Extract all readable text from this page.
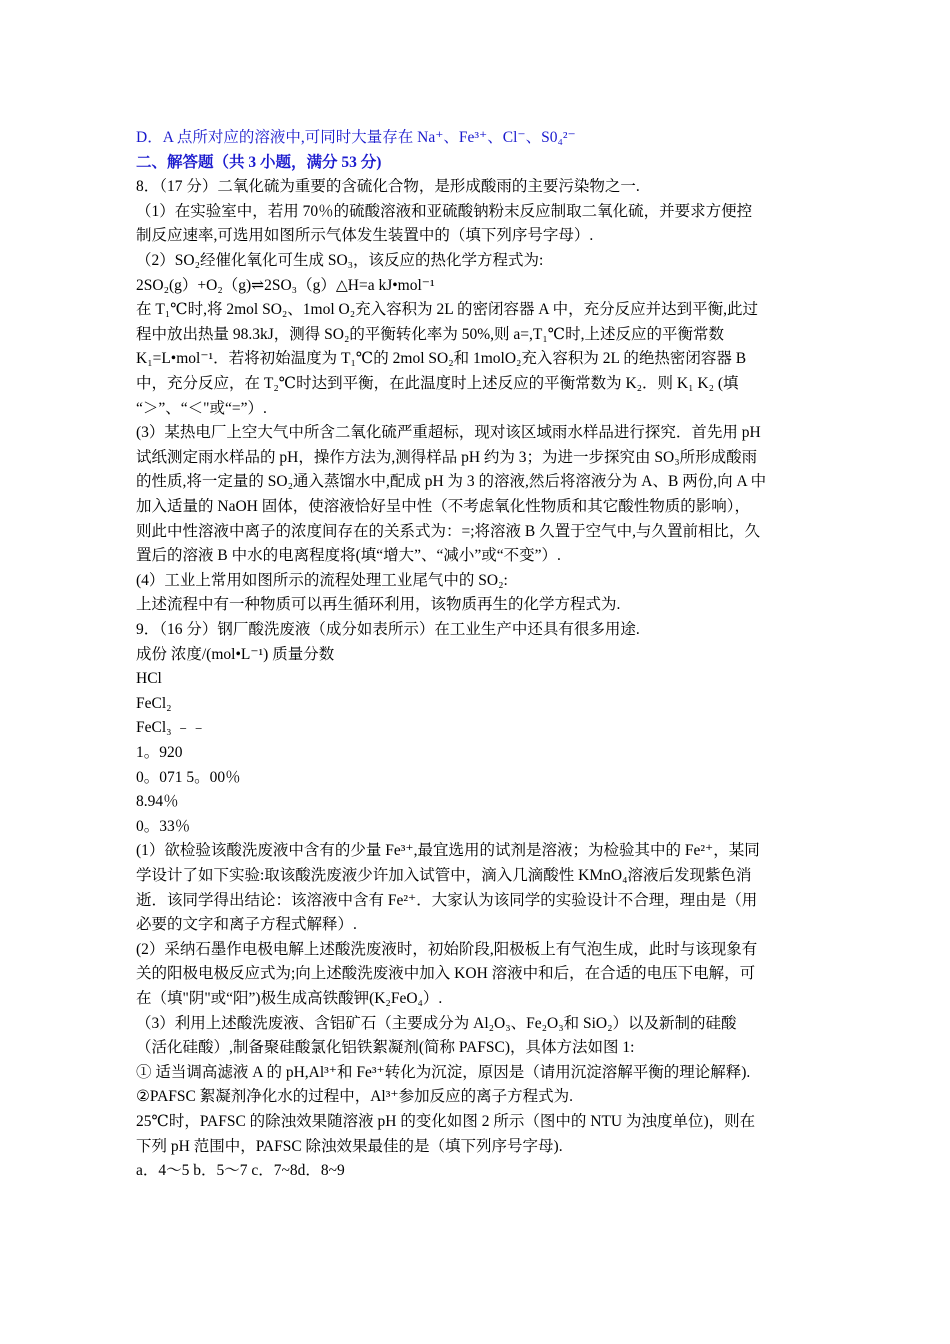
D．A 点所对应的溶液中,可同时大量存在 Na⁺、Fe³⁺、Cl⁻、S0₄²⁻
二、解答题（共 3 小题，满分 53 分)
8．（17 分）二氧化硫为重要的含硫化合物，是形成酸雨的主要污染物之一.
（1）在实验室中，若用 70％的硫酸溶液和亚硫酸钠粉末反应制取二氧化硫，并要求方便控
制反应速率,可选用如图所示气体发生装置中的（填下列序号字母）.
（2）SO₂经催化氧化可生成 SO₃，该反应的热化学方程式为:
2SO₂(g）+O₂（g)⇌2SO₃（g）△H=a kJ•mol⁻¹
在 T₁℃时,将 2mol SO₂、1mol O₂充入容积为 2L 的密闭容器 A 中，充分反应并达到平衡,此过
程中放出热量 98.3kJ，测得 SO₂的平衡转化率为 50%,则 a=,T₁℃时,上述反应的平衡常数
K₁=L•mol⁻¹．若将初始温度为 T₁℃的 2mol SO₂和 1molO₂充入容积为 2L 的绝热密闭容器 B
中，充分反应，在 T₂℃时达到平衡，在此温度时上述反应的平衡常数为 K₂．则 K₁ K₂ (填
“＞”、“＜"或“=”）.
(3）某热电厂上空大气中所含二氧化硫严重超标，现对该区域雨水样品进行探究．首先用 pH
试纸测定雨水样品的 pH，操作方法为,测得样品 pH 约为 3；为进一步探究由 SO₃所形成酸雨
的性质,将一定量的 SO₂通入蒸馏水中,配成 pH 为 3 的溶液,然后将溶液分为 A、B 两份,向 A 中
加入适量的 NaOH 固体，使溶液恰好呈中性（不考虑氧化性物质和其它酸性物质的影响），
则此中性溶液中离子的浓度间存在的关系式为：=;将溶液 B 久置于空气中,与久置前相比，久
置后的溶液 B 中水的电离程度将(填“增大”、“减小”或“不变”）.
(4）工业上常用如图所示的流程处理工业尾气中的 SO₂:
上述流程中有一种物质可以再生循环利用，该物质再生的化学方程式为.
9．（16 分）钢厂酸洗废液（成分如表所示）在工业生产中还具有很多用途.
成份 浓度/(mol•L⁻¹) 质量分数
HCl
FeCl₂
FeCl₃ ﹣﹣
1。920
0。071 5。00％
8.94％
0。33％
(1）欲检验该酸洗废液中含有的少量 Fe³⁺,最宜选用的试剂是溶液；为检验其中的 Fe²⁺，某同
学设计了如下实验:取该酸洗废液少许加入试管中，滴入几滴酸性 KMnO₄溶液后发现紫色消
逝．该同学得出结论：该溶液中含有 Fe²⁺．大家认为该同学的实验设计不合理，理由是（用
必要的文字和离子方程式解释）.
(2）采纳石墨作电极电解上述酸洗废液时，初始阶段,阳极板上有气泡生成，此时与该现象有
关的阳极电极反应式为;向上述酸洗废液中加入 KOH 溶液中和后，在合适的电压下电解，可
在（填"阴"或“阳”)极生成高铁酸钾(K₂FeO₄）.
（3）利用上述酸洗废液、含铝矿石（主要成分为 Al₂O₃、Fe₂O₃和 SiO₂）以及新制的硅酸
（活化硅酸）,制备聚硅酸氯化铝铁絮凝剂(简称 PAFSC)，具体方法如图 1:
① 适当调高滤液 A 的 pH,Al³⁺和 Fe³⁺转化为沉淀，原因是（请用沉淀溶解平衡的理论解释).
②PAFSC 絮凝剂净化水的过程中，Al³⁺参加反应的离子方程式为.
25℃时，PAFSC 的除浊效果随溶液 pH 的变化如图 2 所示（图中的 NTU 为浊度单位)，则在
下列 pH 范围中，PAFSC 除浊效果最佳的是（填下列序号字母).
a．4～5 b．5～7 c．7~8d．8~9
